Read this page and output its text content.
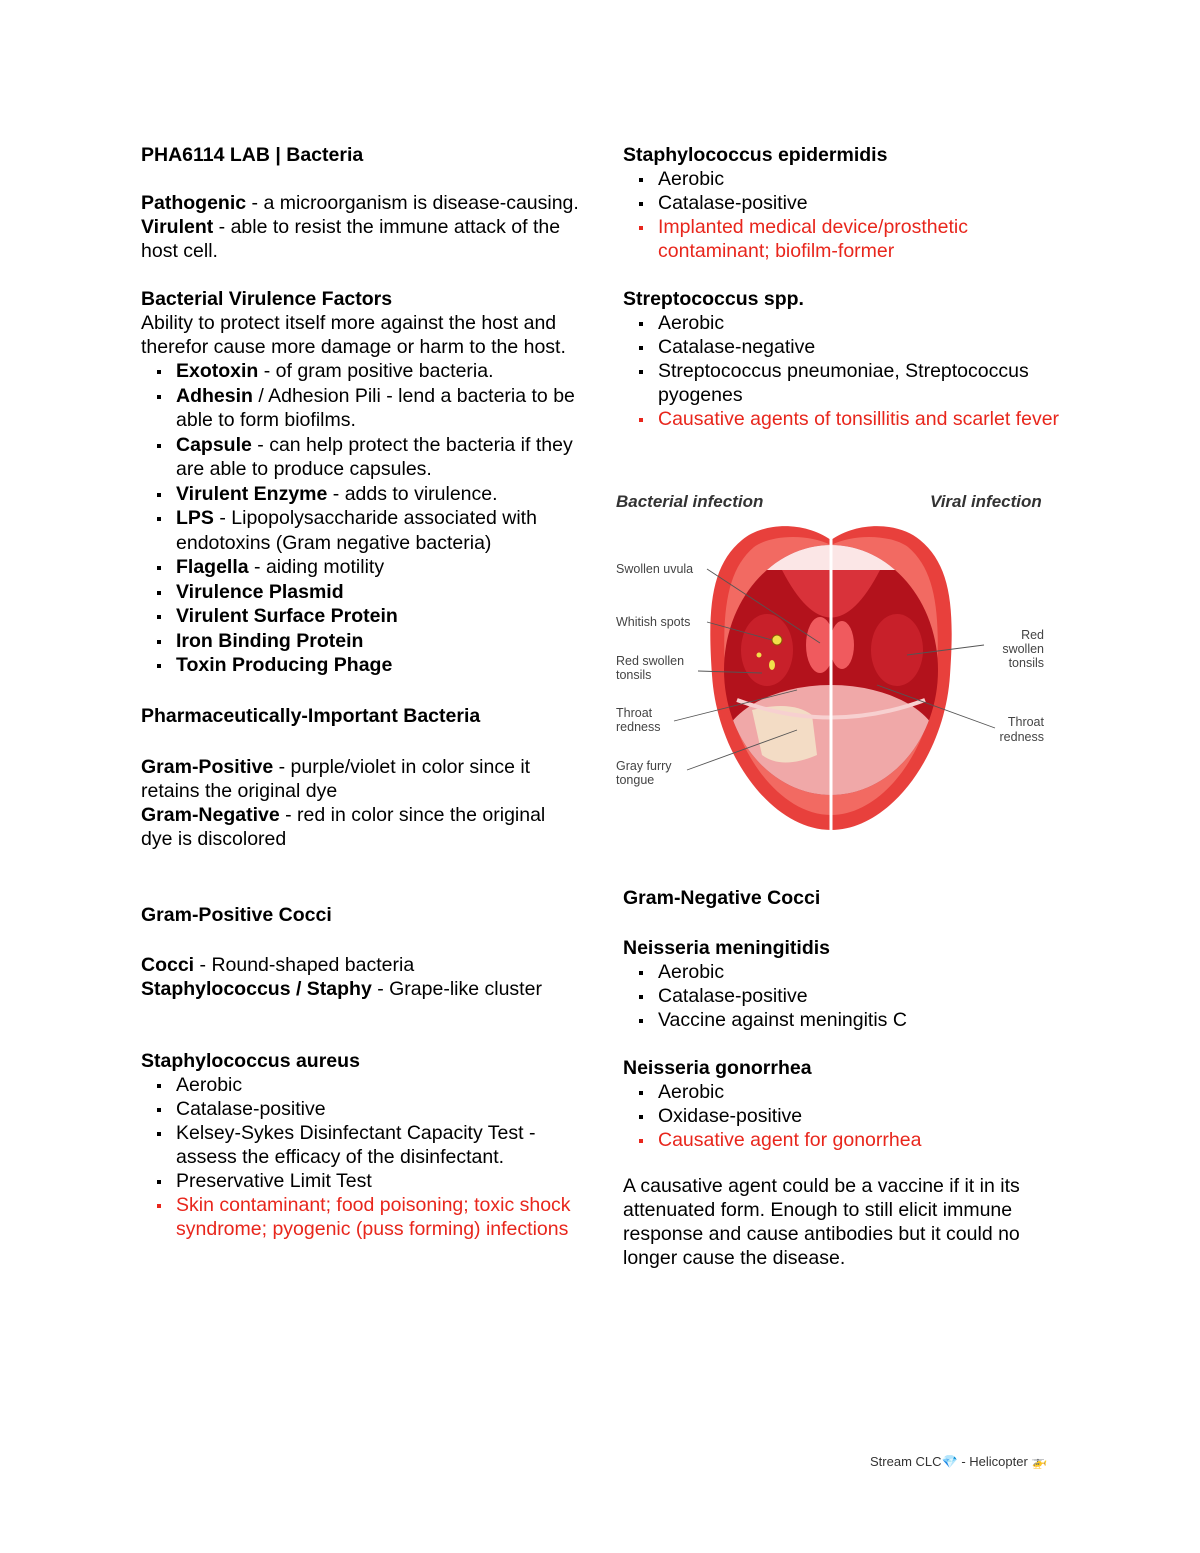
PHA6114 LAB | Bacteria

Pathogenic - a microorganism is disease-causing.

Virulent - able to resist the immune attack of the host cell.

Bacterial Virulence Factors

Ability to protect itself more against the host and therefor cause more damage or harm to the host.

Exotoxin - of gram positive bacteria.
Adhesin / Adhesion Pili - lend a bacteria to be able to form biofilms.
Capsule - can help protect the bacteria if they are able to produce capsules.
Virulent Enzyme - adds to virulence.
LPS - Lipopolysaccharide associated with endotoxins (Gram negative bacteria)
Flagella - aiding motility
Virulence Plasmid
Virulent Surface Protein
Iron Binding Protein
Toxin Producing Phage

Pharmaceutically-Important Bacteria

Gram-Positive - purple/violet in color since it retains the original dye

Gram-Negative - red in color since the original dye is discolored

Gram-Positive Cocci

Cocci - Round-shaped bacteria

Staphylococcus / Staphy - Grape-like cluster

Staphylococcus aureus

Aerobic
Catalase-positive
Kelsey-Sykes Disinfectant Capacity Test - assess the efficacy of the disinfectant.
Preservative Limit Test
Skin contaminant; food poisoning; toxic shock syndrome; pyogenic (puss forming) infections

Staphylococcus epidermidis

Aerobic
Catalase-positive
Implanted medical device/prosthetic contaminant; biofilm-former

Streptococcus spp.

Aerobic
Catalase-negative
Streptococcus pneumoniae, Streptococcus pyogenes
Causative agents of tonsillitis and scarlet fever

Gram-Negative Cocci

Neisseria meningitidis

Aerobic
Catalase-positive
Vaccine against meningitis C

Neisseria gonorrhea

Aerobic
Oxidase-positive
Causative agent for gonorrhea

A causative agent could be a vaccine if it in its attenuated form. Enough to still elicit immune response and cause antibodies but it could no longer cause the disease.

Bacterial infection	Viral infection
Swollen uvula
Whitish spots
Red swollen
tonsils
Throat
redness
Gray furry
tongue
Red
swollen
tonsils
Throat
redness
Stream CLC💎 - Helicopter 🚁
